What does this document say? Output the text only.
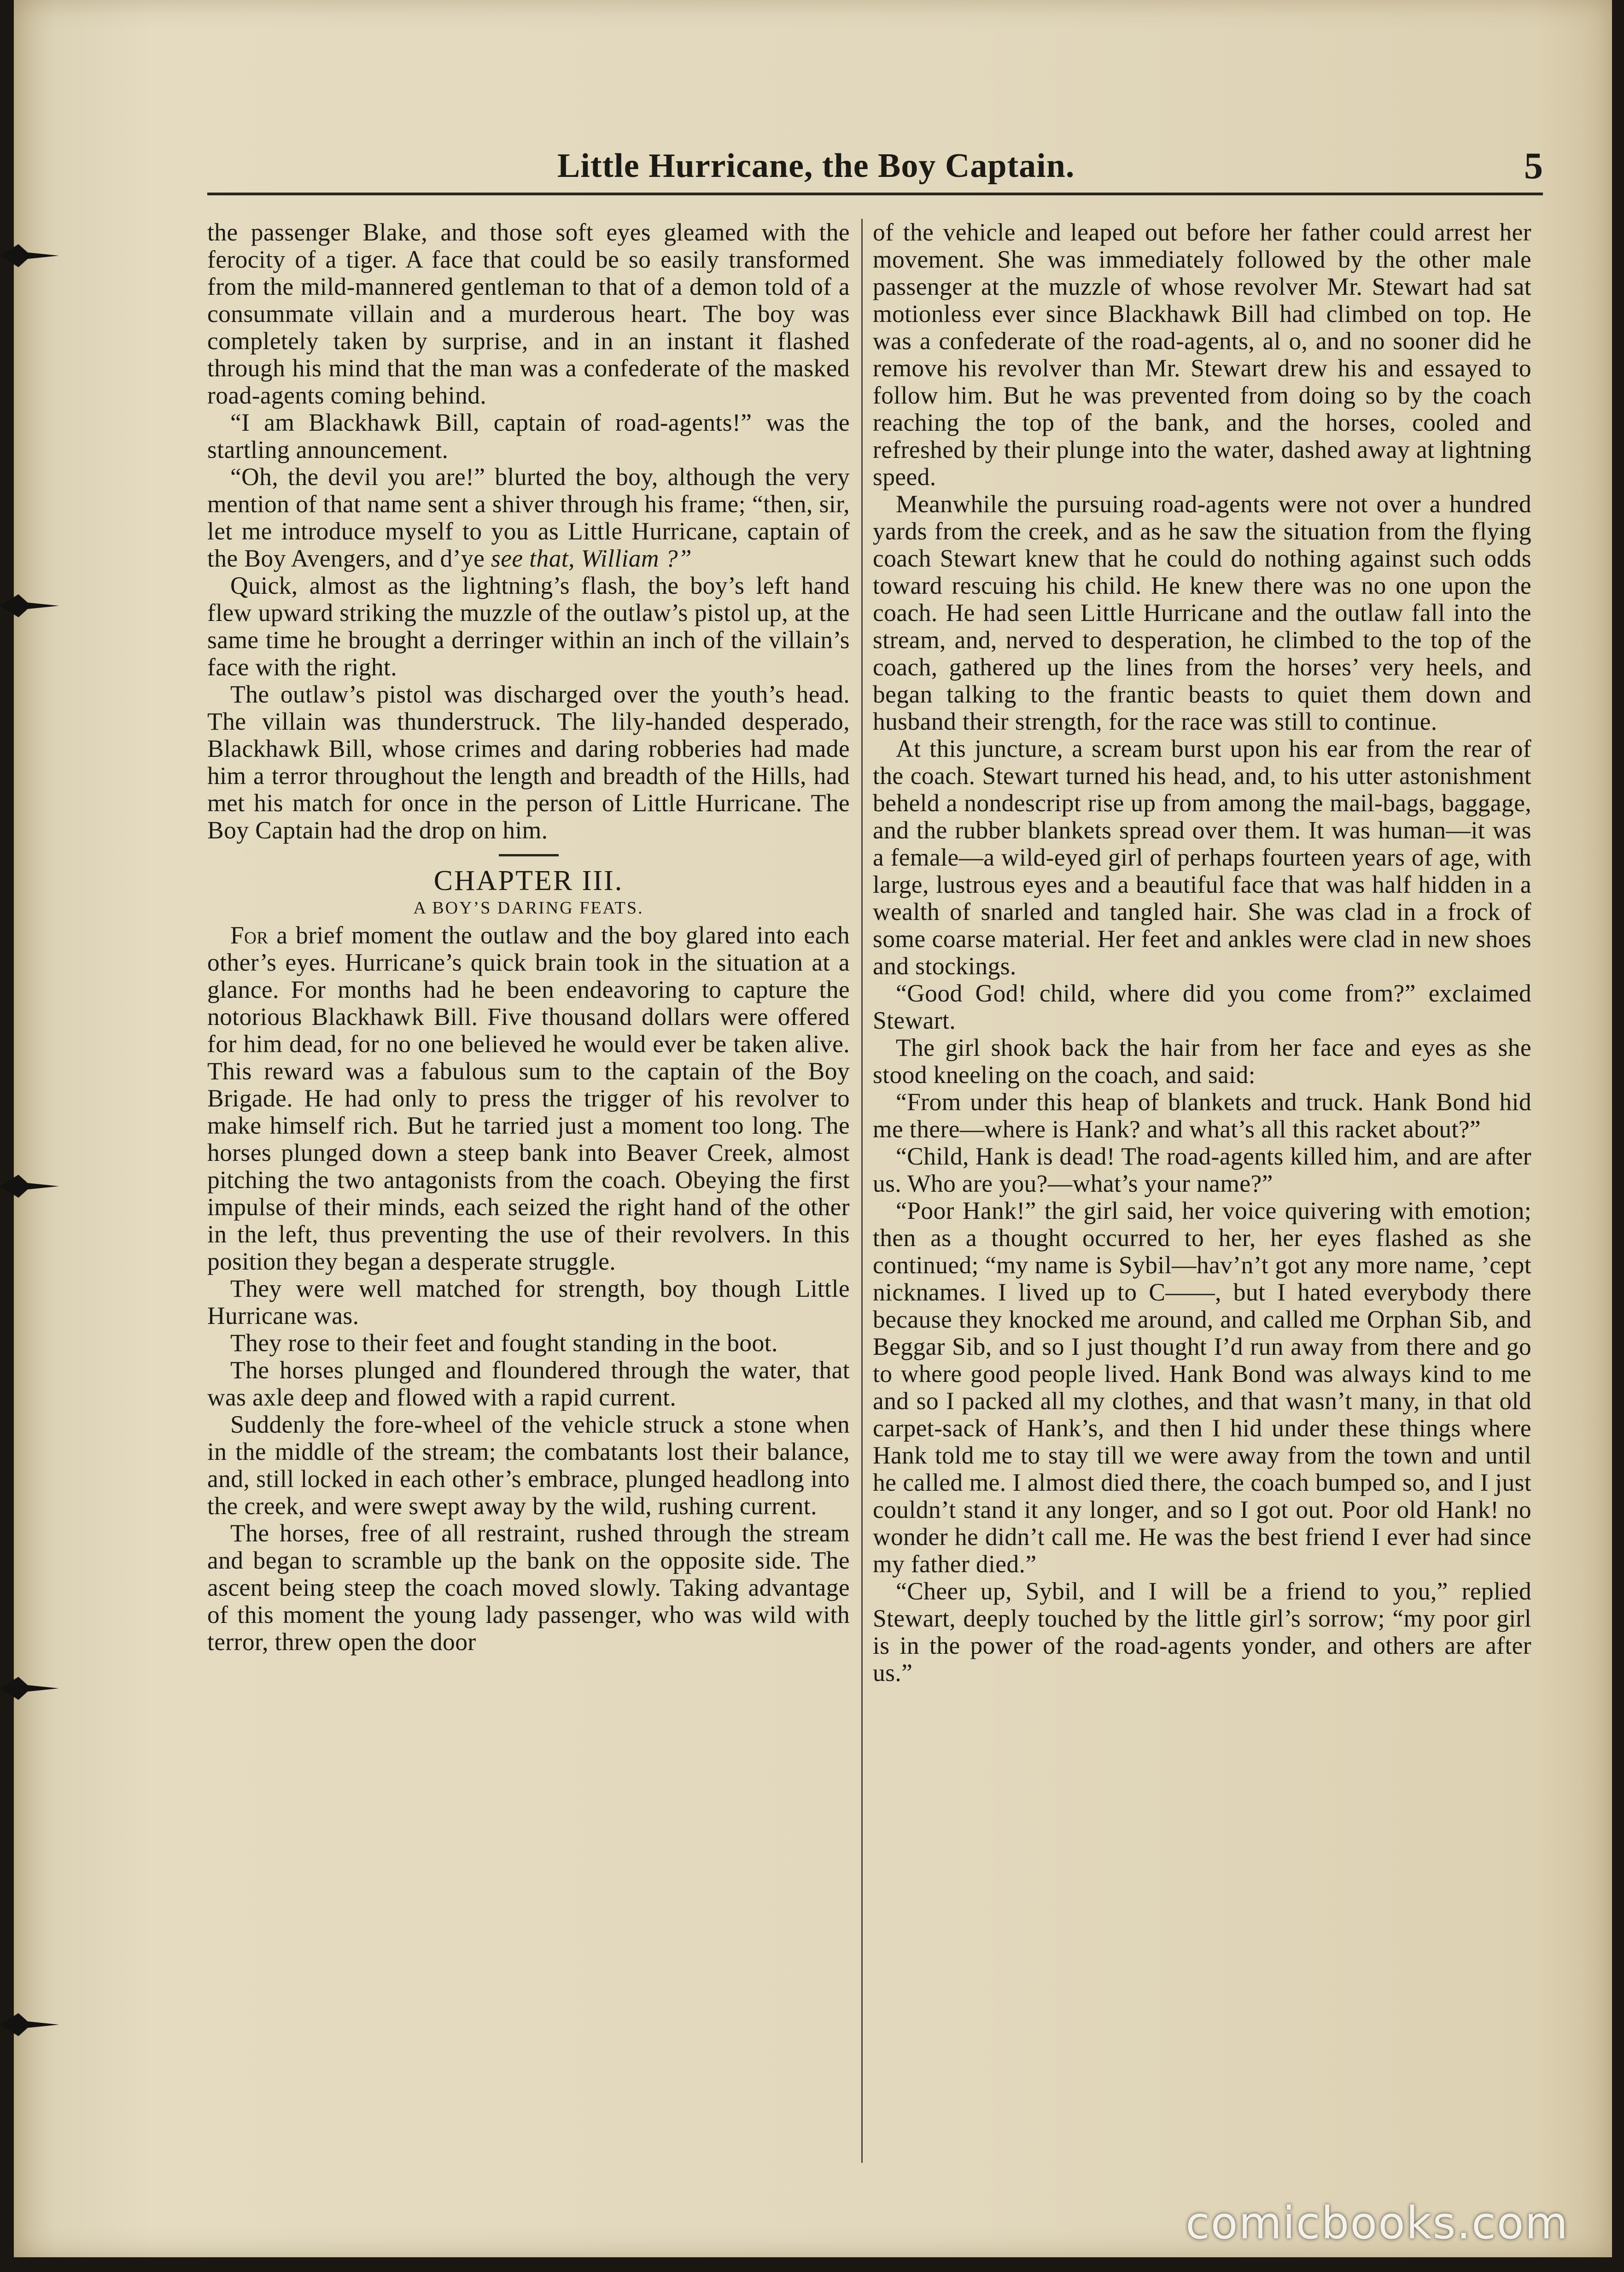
Little Hurricane, the Boy Captain.	5

the passenger Blake, and those soft eyes gleamed with the ferocity of a tiger. A face that could be so easily transformed from the mild-mannered gentleman to that of a demon told of a consummate villain and a murderous heart. The boy was completely taken by surprise, and in an instant it flashed through his mind that the man was a confederate of the masked road-agents coming behind.

“I am Blackhawk Bill, captain of road-agents!” was the startling announcement.

“Oh, the devil you are!” blurted the boy, although the very mention of that name sent a shiver through his frame; “then, sir, let me introduce myself to you as Little Hurricane, captain of the Boy Avengers, and d’ye see that, William ?”

Quick, almost as the lightning’s flash, the boy’s left hand flew upward striking the muzzle of the outlaw’s pistol up, at the same time he brought a derringer within an inch of the villain’s face with the right.

The outlaw’s pistol was discharged over the youth’s head. The villain was thunderstruck. The lily-handed desperado, Blackhawk Bill, whose crimes and daring robberies had made him a terror throughout the length and breadth of the Hills, had met his match for once in the person of Little Hurricane. The Boy Captain had the drop on him.

CHAPTER III.

A BOY’S DARING FEATS.

For a brief moment the outlaw and the boy glared into each other’s eyes. Hurricane’s quick brain took in the situation at a glance. For months had he been endeavoring to capture the notorious Blackhawk Bill. Five thousand dollars were offered for him dead, for no one believed he would ever be taken alive. This reward was a fabulous sum to the captain of the Boy Brigade. He had only to press the trigger of his revolver to make himself rich. But he tarried just a moment too long. The horses plunged down a steep bank into Beaver Creek, almost pitching the two antagonists from the coach. Obeying the first impulse of their minds, each seized the right hand of the other in the left, thus preventing the use of their revolvers. In this position they began a desperate struggle.

They were well matched for strength, boy though Little Hurricane was.

They rose to their feet and fought standing in the boot.

The horses plunged and floundered through the water, that was axle deep and flowed with a rapid current.

Suddenly the fore-wheel of the vehicle struck a stone when in the middle of the stream; the combatants lost their balance, and, still locked in each other’s embrace, plunged headlong into the creek, and were swept away by the wild, rushing current.

The horses, free of all restraint, rushed through the stream and began to scramble up the bank on the opposite side. The ascent being steep the coach moved slowly. Taking advantage of this moment the young lady passenger, who was wild with terror, threw open the door

of the vehicle and leaped out before her father could arrest her movement. She was immediately followed by the other male passenger at the muzzle of whose revolver Mr. Stewart had sat motionless ever since Blackhawk Bill had climbed on top. He was a confederate of the road-agents, al o, and no sooner did he remove his revolver than Mr. Stewart drew his and essayed to follow him. But he was prevented from doing so by the coach reaching the top of the bank, and the horses, cooled and refreshed by their plunge into the water, dashed away at lightning speed.

Meanwhile the pursuing road-agents were not over a hundred yards from the creek, and as he saw the situation from the flying coach Stewart knew that he could do nothing against such odds toward rescuing his child. He knew there was no one upon the coach. He had seen Little Hurricane and the outlaw fall into the stream, and, nerved to desperation, he climbed to the top of the coach, gathered up the lines from the horses’ very heels, and began talking to the frantic beasts to quiet them down and husband their strength, for the race was still to continue.

At this juncture, a scream burst upon his ear from the rear of the coach. Stewart turned his head, and, to his utter astonishment beheld a nondescript rise up from among the mail-bags, baggage, and the rubber blankets spread over them. It was human—it was a female—a wild-eyed girl of perhaps fourteen years of age, with large, lustrous eyes and a beautiful face that was half hidden in a wealth of snarled and tangled hair. She was clad in a frock of some coarse material. Her feet and ankles were clad in new shoes and stockings.

“Good God! child, where did you come from?” exclaimed Stewart.

The girl shook back the hair from her face and eyes as she stood kneeling on the coach, and said:

“From under this heap of blankets and truck. Hank Bond hid me there—where is Hank? and what’s all this racket about?”

“Child, Hank is dead! The road-agents killed him, and are after us. Who are you?—what’s your name?”

“Poor Hank!” the girl said, her voice quivering with emotion; then as a thought occurred to her, her eyes flashed as she continued; “my name is Sybil—hav’n’t got any more name, ’cept nicknames. I lived up to C——, but I hated everybody there because they knocked me around, and called me Orphan Sib, and Beggar Sib, and so I just thought I’d run away from there and go to where good people lived. Hank Bond was always kind to me and so I packed all my clothes, and that wasn’t many, in that old carpet-sack of Hank’s, and then I hid under these things where Hank told me to stay till we were away from the town and until he called me. I almost died there, the coach bumped so, and I just couldn’t stand it any longer, and so I got out. Poor old Hank! no wonder he didn’t call me. He was the best friend I ever had since my father died.”

“Cheer up, Sybil, and I will be a friend to you,” replied Stewart, deeply touched by the little girl’s sorrow; “my poor girl is in the power of the road-agents yonder, and others are after us.”

comicbooks.com
